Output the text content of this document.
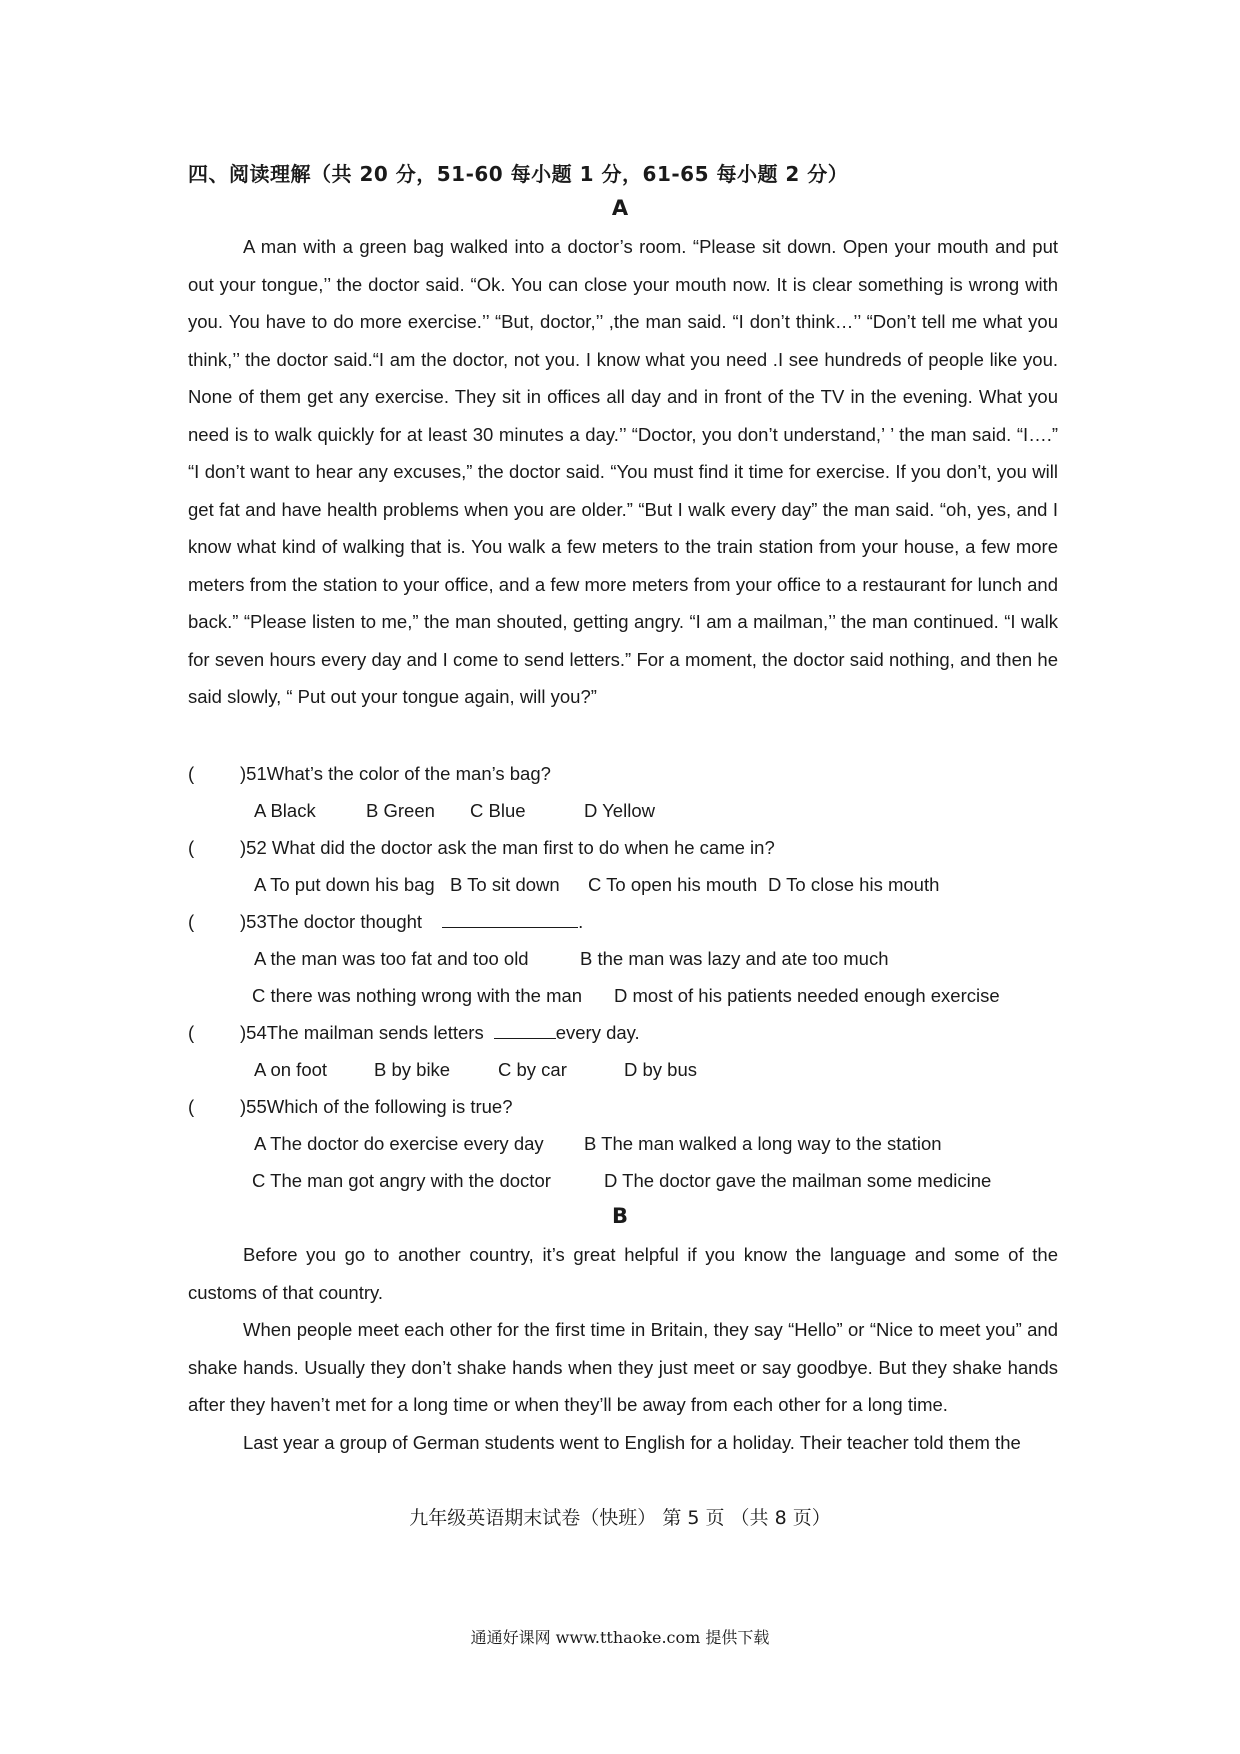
四、阅读理解（共 20 分，51-60 每小题 1 分，61-65 每小题 2 分）
A

A man with a green bag walked into a doctor’s room. “Please sit down. Open your mouth and put out your tongue,’’ the doctor said. “Ok. You can close your mouth now. It is clear something is wrong with you. You have to do more exercise.’’ “But, doctor,’’ ,the man said. “I don’t think…’’ “Don’t tell me what you think,’’ the doctor said.“I am the doctor, not you. I know what you need .I see hundreds of people like you. None of them get any exercise. They sit in offices all day and in front of the TV in the evening. What you need is to walk quickly for at least 30 minutes a day.’’ “Doctor, you don’t understand,’ ’ the man said. “I….” “I don’t want to hear any excuses,” the doctor said. “You must find it time for exercise. If you don’t, you will get fat and have health problems when you are older.” “But I walk every day” the man said. “oh, yes, and I know what kind of walking that is. You walk a few meters to the train station from your house, a few more meters from the station to your office, and a few more meters from your office to a restaurant for lunch and back.” “Please listen to me,” the man shouted, getting angry. “I am a mailman,’’ the man continued. “I walk for seven hours every day and I come to send letters.” For a moment, the doctor said nothing, and then he said slowly, “ Put out your tongue again, will you?”

( )51What’s the color of the man’s bag?
A Black	B Green C Blue	D Yellow
( )52 What did the doctor ask the man first to do when he came in?
A To put down his bag B To sit down C To open his mouth D To close his mouth
( )53The doctor thought	.
A the man was too fat and too old	B the man was lazy and ate too much
C there was nothing wrong with the man D most of his patients needed enough exercise
( )54The mailman sends letters	every day.
A on foot	B by bike	C by car	D by bus
( )55Which of the following is true?
A The doctor do exercise every day B The man walked a long way to the station
C The man got angry with the doctor	D The doctor gave the mailman some medicine
B

Before you go to another country, it’s great helpful if you know the language and some of the customs of that country.

When people meet each other for the first time in Britain, they say “Hello” or “Nice to meet you” and shake hands. Usually they don’t shake hands when they just meet or say goodbye. But they shake hands after they haven’t met for a long time or when they’ll be away from each other for a long time.

Last year a group of German students went to English for a holiday. Their teacher told them the

九年级英语期末试卷（快班） 第 5 页 （共 8 页）
通通好课网 www.tthaoke.com 提供下载
